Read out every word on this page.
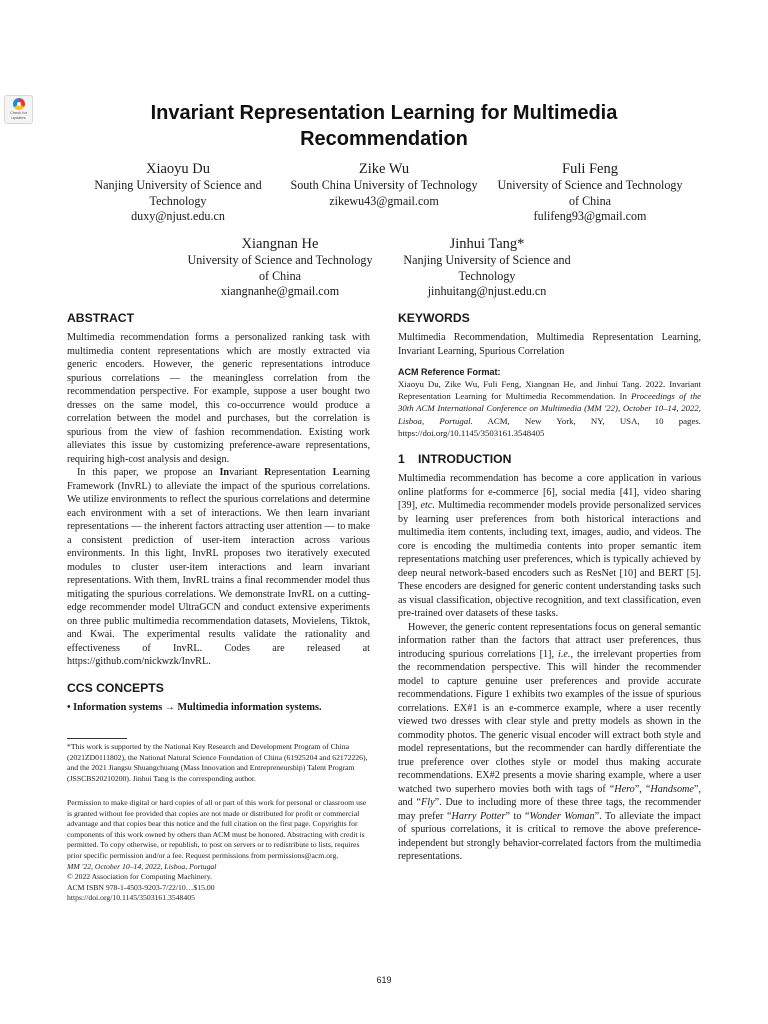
Check for
updates	Invariant Representation Learning for Multimedia Recommendation
Xiaoyu Du
Nanjing University of Science and
Technology
duxy@njust.edu.cn
Zike Wu
South China University of Technology
zikewu43@gmail.com
Fuli Feng
University of Science and Technology
of China
fulifeng93@gmail.com
Xiangnan He
University of Science and Technology
of China
xiangnanhe@gmail.com
Jinhui Tang*
Nanjing University of Science and
Technology
jinhuitang@njust.edu.cn
ABSTRACT

Multimedia recommendation forms a personalized ranking task with multimedia content representations which are mostly extracted via generic encoders. However, the generic representations introduce spurious correlations — the meaningless correlation from the recommendation perspective. For example, suppose a user bought two dresses on the same model, this co-occurrence would produce a correlation between the model and purchases, but the correlation is spurious from the view of fashion recommendation. Existing work alleviates this issue by customizing preference-aware representations, requiring high-cost analysis and design.

In this paper, we propose an Invariant Representation Learning Framework (InvRL) to alleviate the impact of the spurious correlations. We utilize environments to reflect the spurious correlations and determine each environment with a set of interactions. We then learn invariant representations — the inherent factors attracting user attention — to make a consistent prediction of user-item interaction across various environments. In this light, InvRL proposes two iteratively executed modules to cluster user-item interactions and learn invariant representations. With them, InvRL trains a final recommender model thus mitigating the spurious correlations. We demonstrate InvRL on a cutting-edge recommender model UltraGCN and conduct extensive experiments on three public multimedia recommendation datasets, Movielens, Tiktok, and Kwai. The experimental results validate the rationality and effectiveness of InvRL. Codes are released at https://github.com/nickwzk/InvRL.

CCS CONCEPTS

• Information systems → Multimedia information systems.

*This work is supported by the National Key Research and Development Program of China (2021ZD0111802), the National Natural Science Foundation of China (61925204 and 62172226), and the 2021 Jiangsu Shuangchuang (Mass Innovation and Entrepreneurship) Talent Program (JSSCBS20210200). Jinhui Tang is the corresponding author.

Permission to make digital or hard copies of all or part of this work for personal or classroom use is granted without fee provided that copies are not made or distributed for profit or commercial advantage and that copies bear this notice and the full citation on the first page. Copyrights for components of this work owned by others than ACM must be honored. Abstracting with credit is permitted. To copy otherwise, or republish, to post on servers or to redistribute to lists, requires prior specific permission and/or a fee. Request permissions from permissions@acm.org.

MM '22, October 10–14, 2022, Lisboa, Portugal

© 2022 Association for Computing Machinery.

ACM ISBN 978-1-4503-9203-7/22/10…$15.00

https://doi.org/10.1145/3503161.3548405

KEYWORDS

Multimedia Recommendation, Multimedia Representation Learning, Invariant Learning, Spurious Correlation

ACM Reference Format:

Xiaoyu Du, Zike Wu, Fuli Feng, Xiangnan He, and Jinhui Tang. 2022. Invariant Representation Learning for Multimedia Recommendation. In Proceedings of the 30th ACM International Conference on Multimedia (MM '22), October 10–14, 2022, Lisboa, Portugal. ACM, New York, NY, USA, 10 pages. https://doi.org/10.1145/3503161.3548405

1 INTRODUCTION

Multimedia recommendation has become a core application in various online platforms for e-commerce [6], social media [41], video sharing [39], etc. Multimedia recommender models provide personalized services by learning user preferences from both historical interactions and multimedia item contents, including text, images, audio, and videos. The core is encoding the multimedia contents into proper semantic item representations matching user preferences, which is typically achieved by deep neural network-based encoders such as ResNet [10] and BERT [5]. These encoders are designed for generic content understanding tasks such as visual classification, objective recognition, and text classification, even pre-trained over datasets of these tasks.

However, the generic content representations focus on general semantic information rather than the factors that attract user preferences, thus introducing spurious correlations [1], i.e., the irrelevant properties from the recommendation perspective. This will hinder the recommender model to capture genuine user preferences and provide accurate recommendations. Figure 1 exhibits two examples of the issue of spurious correlations. EX#1 is an e-commerce example, where a user recently viewed two dresses with clear style and pretty models as shown in the commodity photos. The generic visual encoder will extract both style and model representations, but the recommender can hardly differentiate the true preference over clothes style or model thus making accurate recommendations. EX#2 presents a movie sharing example, where a user watched two superhero movies both with tags of “Hero”, “Handsome”, and “Fly”. Due to including more of these three tags, the recommender may prefer “Harry Potter” to “Wonder Woman”. To alleviate the impact of spurious correlations, it is critical to remove the above preference-independent but strongly behavior-correlated factors from the multimedia representations.

619
